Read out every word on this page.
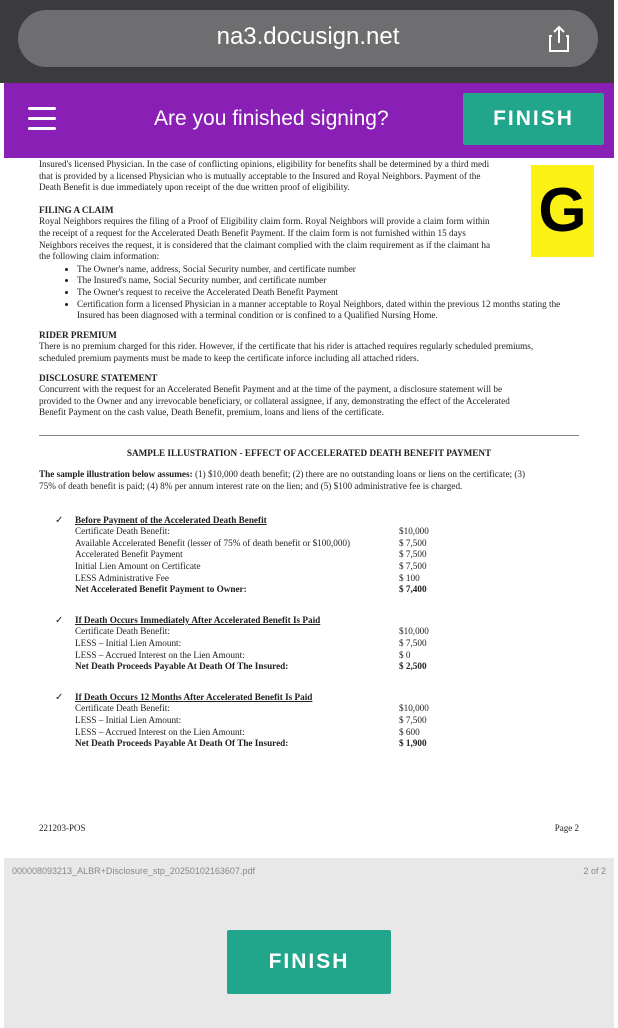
na3.docusign.net
Are you finished signing?	FINISH

Insured's licensed Physician. In the case of conflicting opinions, eligibility for benefits shall be determined by a third medi

that is provided by a licensed Physician who is mutually acceptable to the Insured and Royal Neighbors. Payment of the

Death Benefit is due immediately upon receipt of the due written proof of eligibility.

FILING A CLAIM

Royal Neighbors requires the filing of a Proof of Eligibility claim form. Royal Neighbors will provide a claim form within

the receipt of a request for the Accelerated Death Benefit Payment. If the claim form is not furnished within 15 days

Neighbors receives the request, it is considered that the claimant complied with the claim requirement as if the claimant ha

the following claim information:

• The Owner's name, address, Social Security number, and certificate number
• The Insured's name, Social Security number, and certificate number
• The Owner's request to receive the Accelerated Death Benefit Payment
• Certification form a licensed Physician in a manner acceptable to Royal Neighbors, dated within the previous 12 months stating the Insured has been diagnosed with a terminal condition or is confined to a Qualified Nursing Home.

RIDER PREMIUM

There is no premium charged for this rider. However, if the certificate that his rider is attached requires regularly scheduled premiums,

scheduled premium payments must be made to keep the certificate inforce including all attached riders.

DISCLOSURE STATEMENT

Concurrent with the request for an Accelerated Benefit Payment and at the time of the payment, a disclosure statement will be

provided to the Owner and any irrevocable beneficiary, or collateral assignee, if any, demonstrating the effect of the Accelerated

Benefit Payment on the cash value, Death Benefit, premium, loans and liens of the certificate.

SAMPLE ILLUSTRATION - EFFECT OF ACCELERATED DEATH BENEFIT PAYMENT
The sample illustration below assumes: (1) $10,000 death benefit; (2) there are no outstanding loans or liens on the certificate; (3)
75% of death benefit is paid; (4) 8% per annum interest rate on the lien; and (5) $100 administrative fee is charged.
✓ Before Payment of the Accelerated Death Benefit
Certificate Death Benefit:	$10,000
Available Accelerated Benefit (lesser of 75% of death benefit or $100,000)	$ 7,500
Accelerated Benefit Payment	$ 7,500
Initial Lien Amount on Certificate	$ 7,500
LESS Administrative Fee	$ 100
Net Accelerated Benefit Payment to Owner:	$ 7,400
✓ If Death Occurs Immediately After Accelerated Benefit Is Paid
Certificate Death Benefit:	$10,000
LESS – Initial Lien Amount:	$ 7,500
LESS – Accrued Interest on the Lien Amount:	$ 0
Net Death Proceeds Payable At Death Of The Insured:	$ 2,500
✓ If Death Occurs 12 Months After Accelerated Benefit Is Paid
Certificate Death Benefit:	$10,000
LESS – Initial Lien Amount:	$ 7,500
LESS – Accrued Interest on the Lien Amount:	$ 600
Net Death Proceeds Payable At Death Of The Insured:	$ 1,900
221203-POS	Page 2
G
000008093213_ALBR+Disclosure_stp_20250102163607.pdf	2 of 2
FINISH
